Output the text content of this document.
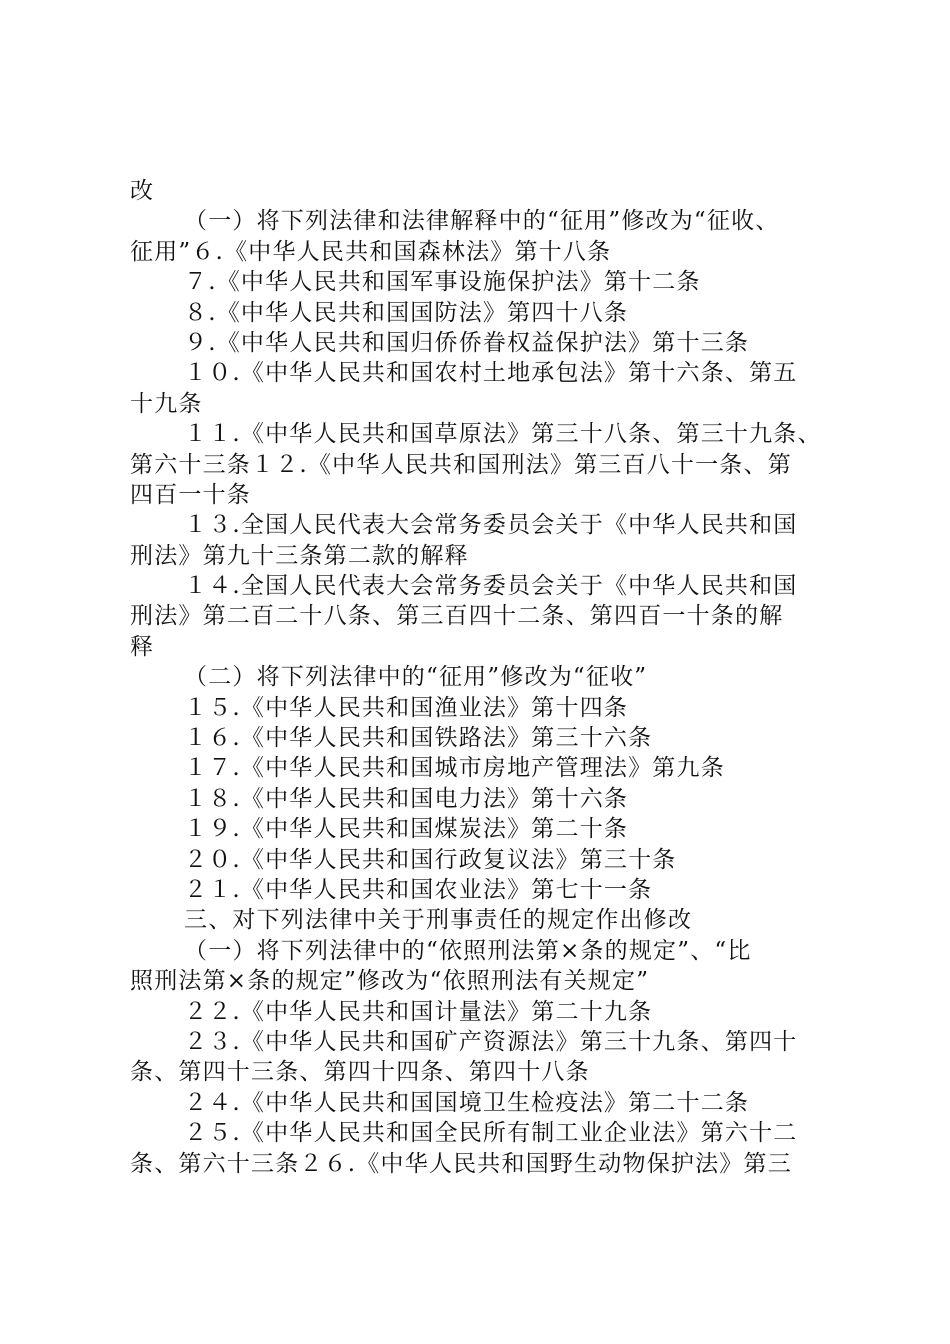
改
（一）将下列法律和法律解释中的“征用”修改为“征收、
征用”６.《中华人民共和国森林法》第十八条
７.《中华人民共和国军事设施保护法》第十二条
８.《中华人民共和国国防法》第四十八条
９.《中华人民共和国归侨侨眷权益保护法》第十三条
１０.《中华人民共和国农村土地承包法》第十六条、第五
十九条
１１.《中华人民共和国草原法》第三十八条、第三十九条、
第六十三条１２.《中华人民共和国刑法》第三百八十一条、第
四百一十条
１３.全国人民代表大会常务委员会关于《中华人民共和国
刑法》第九十三条第二款的解释
１４.全国人民代表大会常务委员会关于《中华人民共和国
刑法》第二百二十八条、第三百四十二条、第四百一十条的解
释
（二）将下列法律中的“征用”修改为“征收”
１５.《中华人民共和国渔业法》第十四条
１６.《中华人民共和国铁路法》第三十六条
１７.《中华人民共和国城市房地产管理法》第九条
１８.《中华人民共和国电力法》第十六条
１９.《中华人民共和国煤炭法》第二十条
２０.《中华人民共和国行政复议法》第三十条
２１.《中华人民共和国农业法》第七十一条
三、对下列法律中关于刑事责任的规定作出修改
（一）将下列法律中的“依照刑法第×条的规定”、“比
照刑法第×条的规定”修改为“依照刑法有关规定”
２２.《中华人民共和国计量法》第二十九条
２３.《中华人民共和国矿产资源法》第三十九条、第四十
条、第四十三条、第四十四条、第四十八条
２４.《中华人民共和国国境卫生检疫法》第二十二条
２５.《中华人民共和国全民所有制工业企业法》第六十二
条、第六十三条２６.《中华人民共和国野生动物保护法》第三
